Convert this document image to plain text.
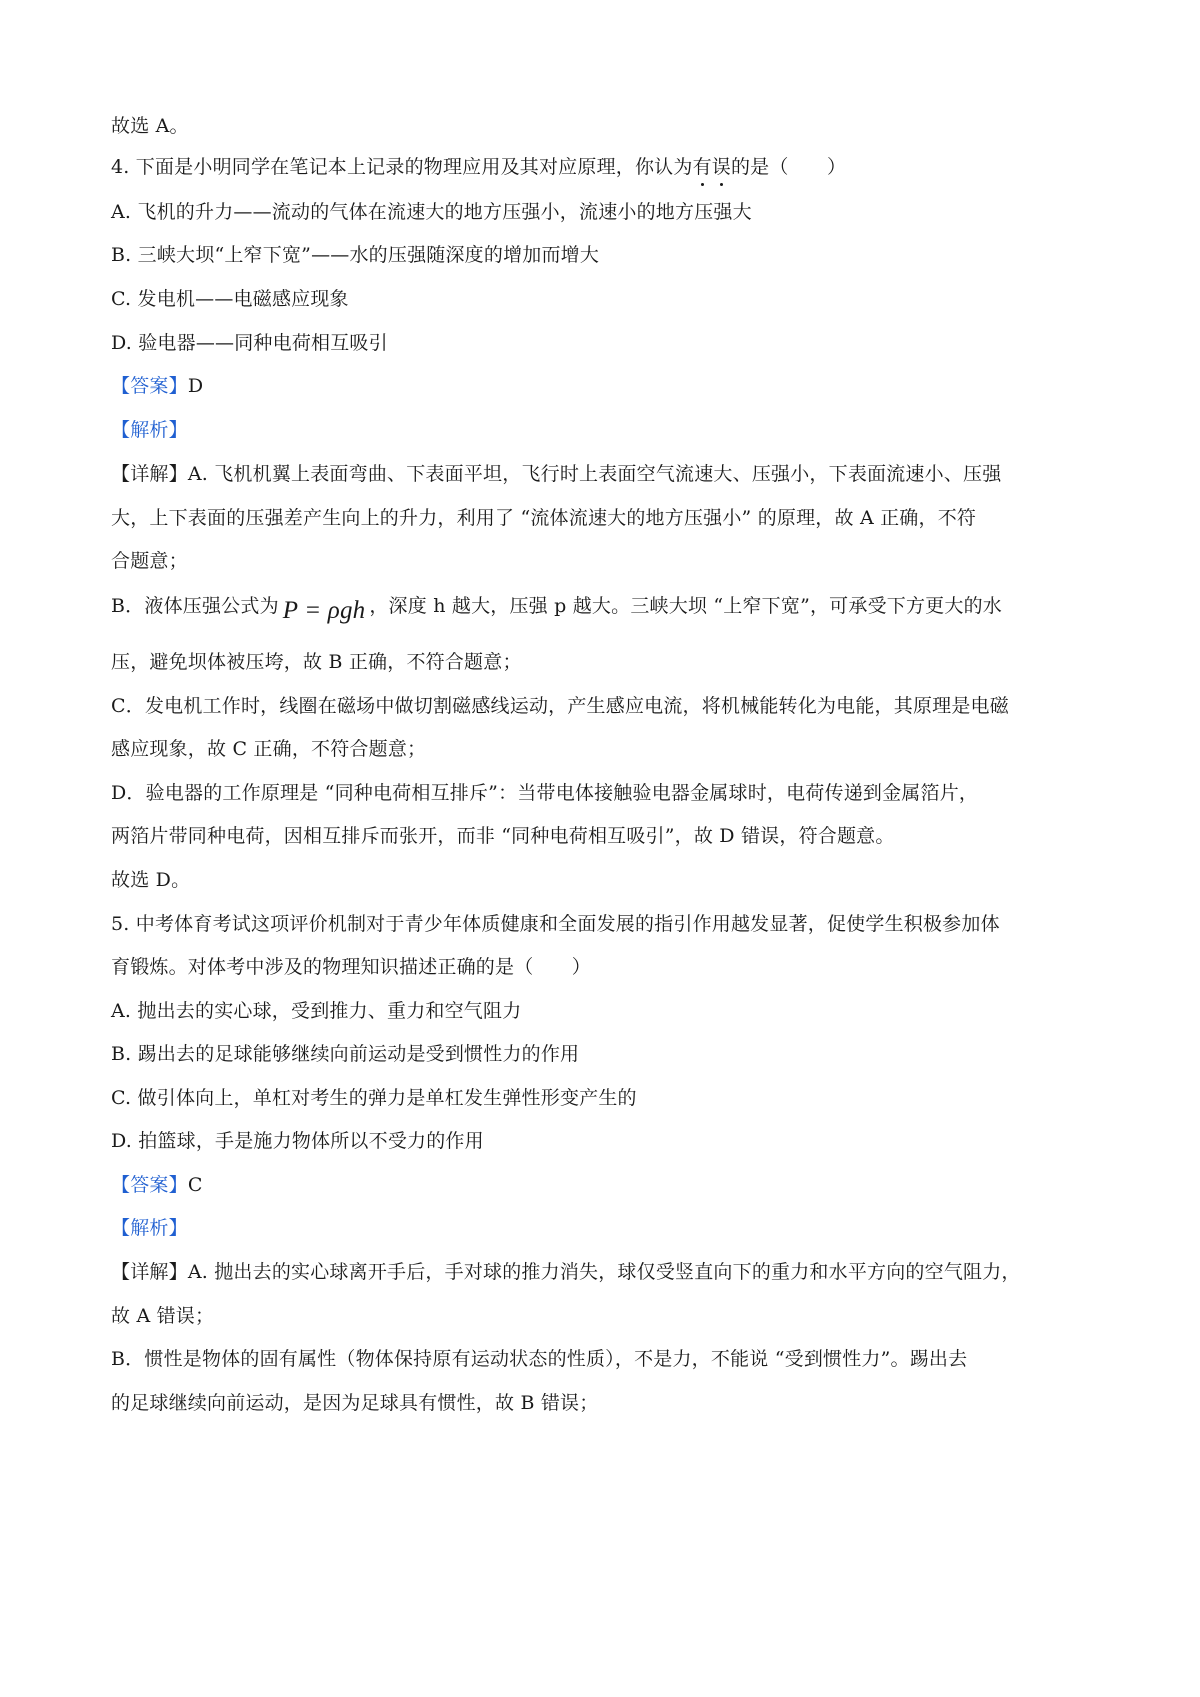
故选 A。
4. 下面是小明同学在笔记本上记录的物理应用及其对应原理，你认为有误的是（　　）
A. 飞机的升力——流动的气体在流速大的地方压强小，流速小的地方压强大
B. 三峡大坝“上窄下宽”——水的压强随深度的增加而增大
C. 发电机——电磁感应现象
D. 验电器——同种电荷相互吸引
【答案】D
【解析】
【详解】A. 飞机机翼上表面弯曲、下表面平坦，飞行时上表面空气流速大、压强小，下表面流速小、压强
大，上下表面的压强差产生向上的升力，利用了 “流体流速大的地方压强小” 的原理，故 A 正确，不符
合题意；
B．液体压强公式为 P = ρgh ，深度 h 越大，压强 p 越大。三峡大坝 “上窄下宽”，可承受下方更大的水
压，避免坝体被压垮，故 B 正确，不符合题意；
C．发电机工作时，线圈在磁场中做切割磁感线运动，产生感应电流，将机械能转化为电能，其原理是电磁
感应现象，故 C 正确，不符合题意；
D．验电器的工作原理是 “同种电荷相互排斥”：当带电体接触验电器金属球时，电荷传递到金属箔片，
两箔片带同种电荷，因相互排斥而张开，而非 “同种电荷相互吸引”，故 D 错误，符合题意。
故选 D。
5. 中考体育考试这项评价机制对于青少年体质健康和全面发展的指引作用越发显著，促使学生积极参加体
育锻炼。对体考中涉及的物理知识描述正确的是（　　）
A. 抛出去的实心球，受到推力、重力和空气阻力
B. 踢出去的足球能够继续向前运动是受到惯性力的作用
C. 做引体向上，单杠对考生的弹力是单杠发生弹性形变产生的
D. 拍篮球，手是施力物体所以不受力的作用
【答案】C
【解析】
【详解】A. 抛出去的实心球离开手后，手对球的推力消失，球仅受竖直向下的重力和水平方向的空气阻力，
故 A 错误；
B．惯性是物体的固有属性（物体保持原有运动状态的性质），不是力，不能说 “受到惯性力”。踢出去
的足球继续向前运动，是因为足球具有惯性，故 B 错误；
